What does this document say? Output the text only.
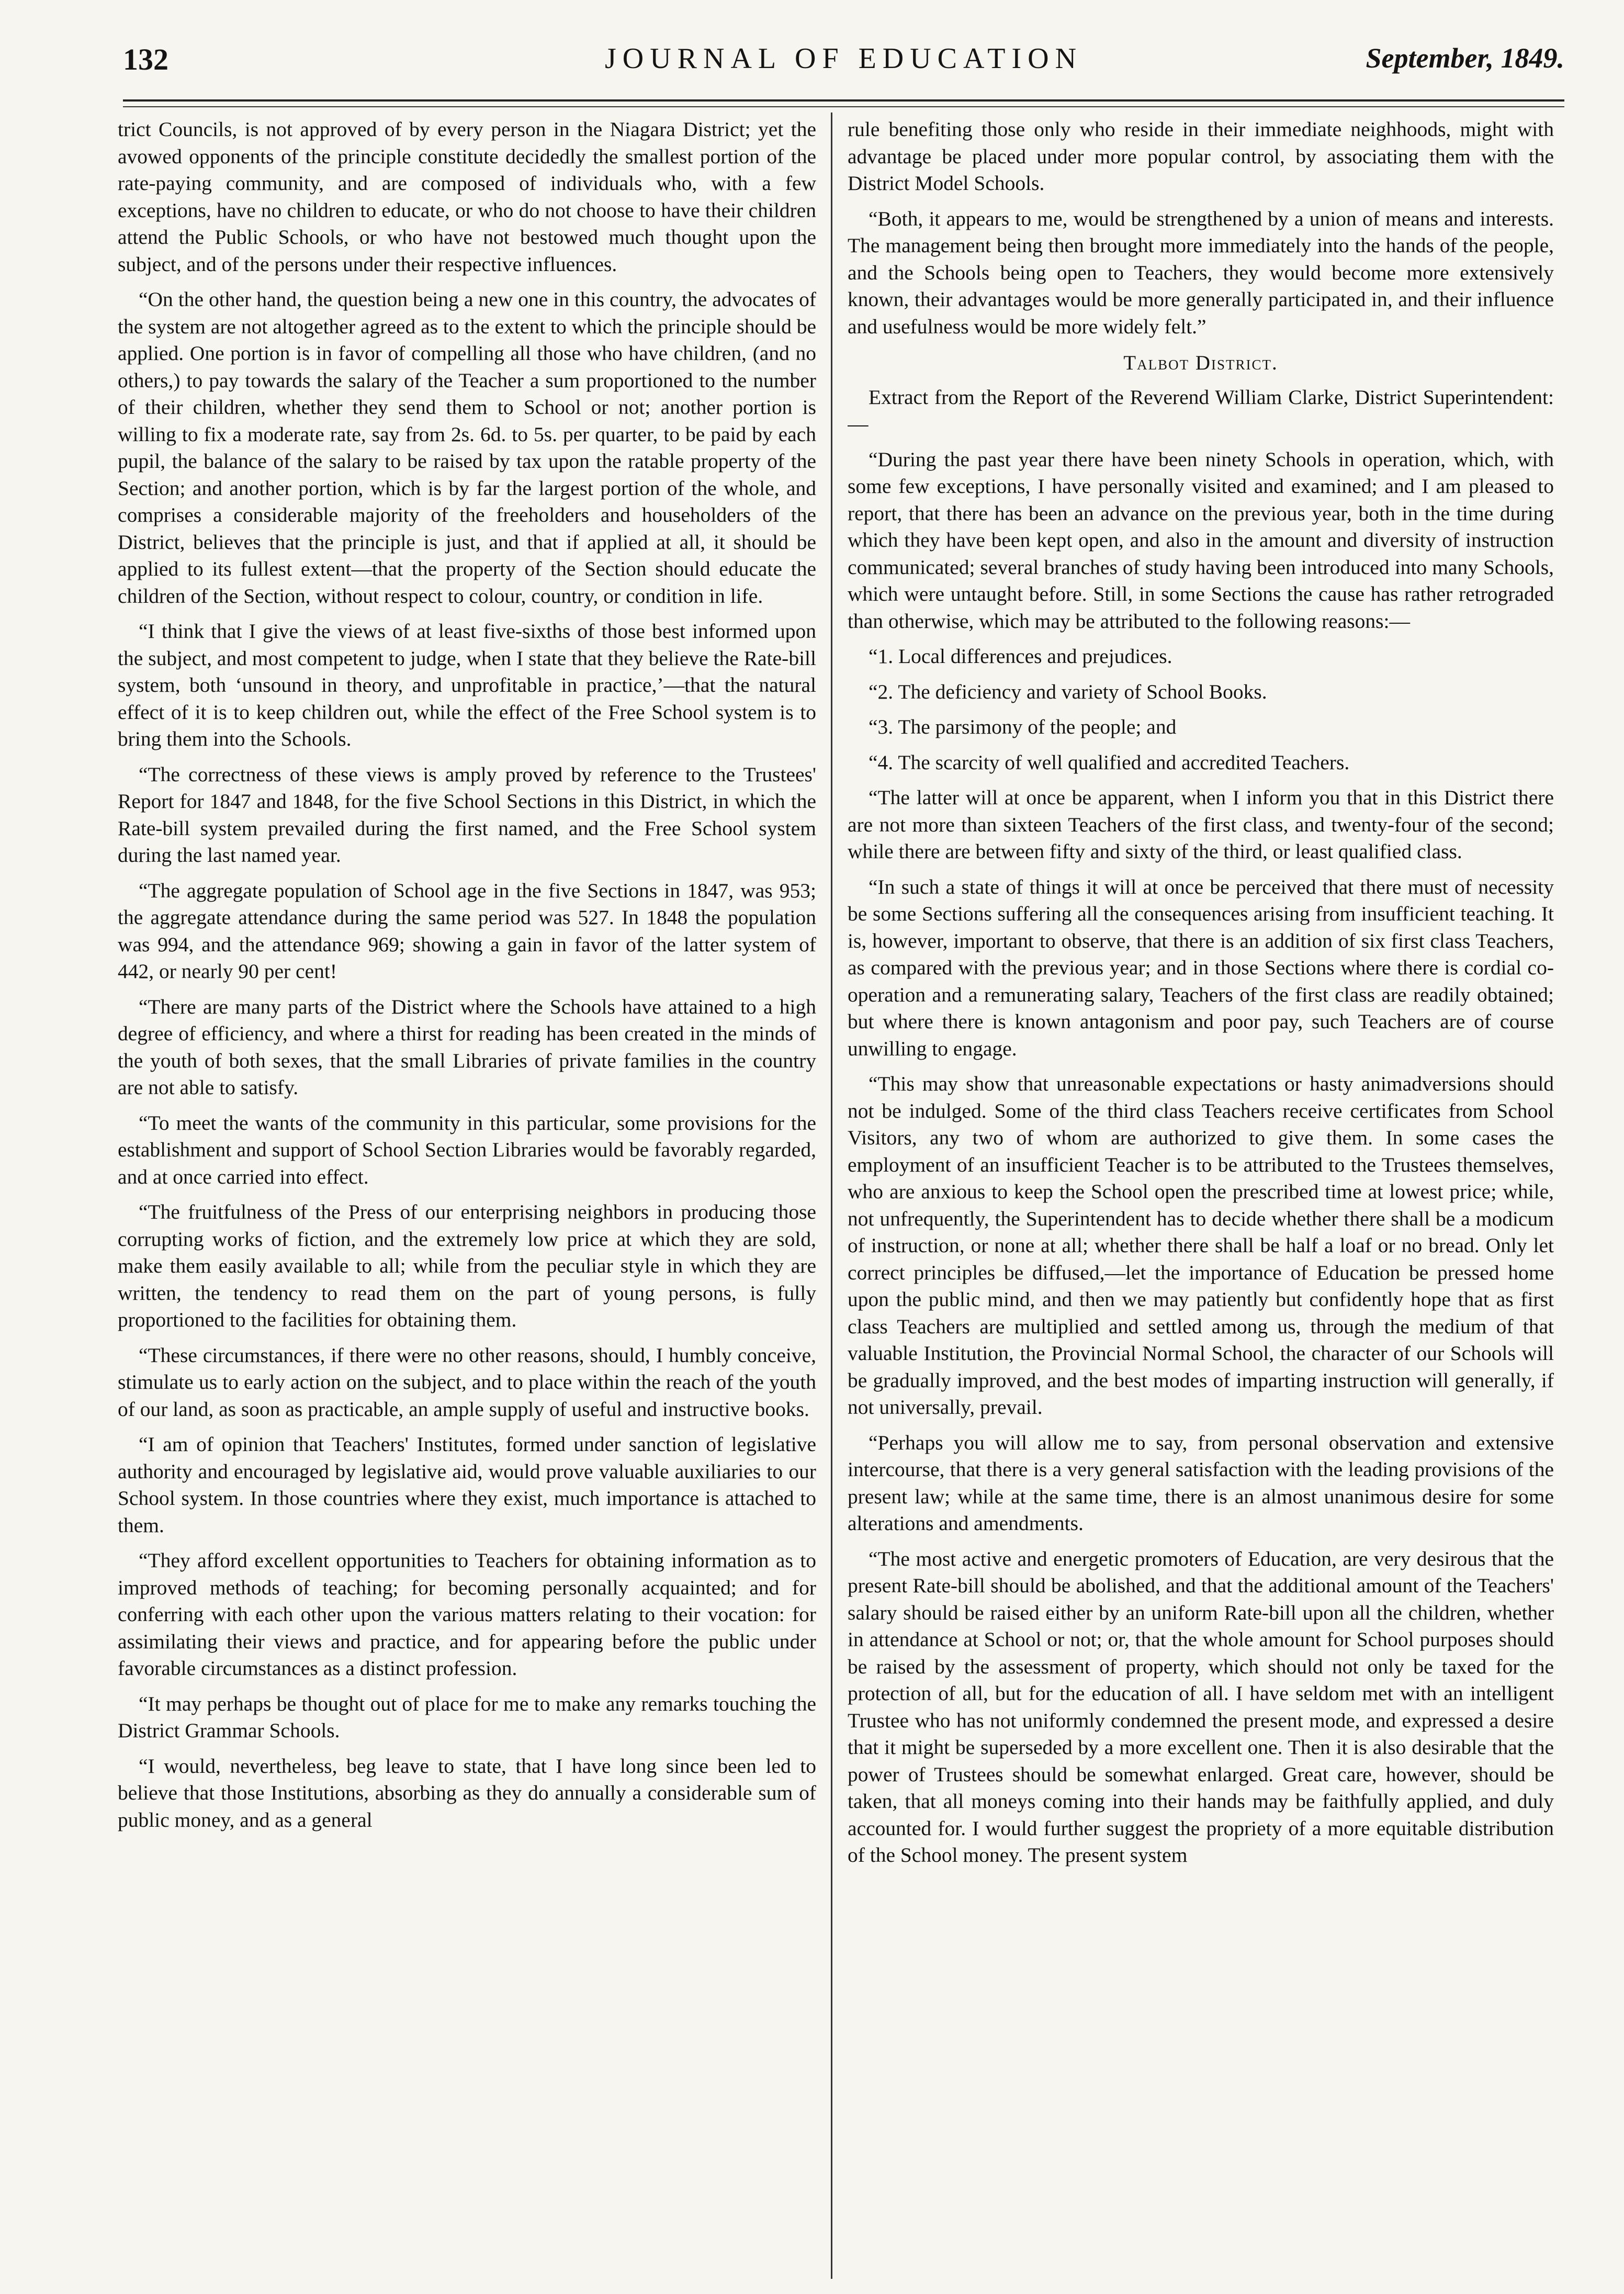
132	JOURNAL OF EDUCATION	September, 1849.

trict Councils, is not approved of by every person in the Niagara District; yet the avowed opponents of the principle constitute decidedly the smallest portion of the rate-paying community, and are composed of individuals who, with a few exceptions, have no children to educate, or who do not choose to have their children attend the Public Schools, or who have not bestowed much thought upon the subject, and of the persons under their respective influences.

“On the other hand, the question being a new one in this country, the advocates of the system are not altogether agreed as to the extent to which the principle should be applied. One portion is in favor of compelling all those who have children, (and no others,) to pay towards the salary of the Teacher a sum proportioned to the number of their children, whether they send them to School or not; another portion is willing to fix a moderate rate, say from 2s. 6d. to 5s. per quarter, to be paid by each pupil, the balance of the salary to be raised by tax upon the ratable property of the Section; and another portion, which is by far the largest portion of the whole, and comprises a considerable majority of the freeholders and householders of the District, believes that the principle is just, and that if applied at all, it should be applied to its fullest extent—that the property of the Section should educate the children of the Section, without respect to colour, country, or condition in life.

“I think that I give the views of at least five-sixths of those best informed upon the subject, and most competent to judge, when I state that they believe the Rate-bill system, both ‘unsound in theory, and unprofitable in practice,’—that the natural effect of it is to keep children out, while the effect of the Free School system is to bring them into the Schools.

“The correctness of these views is amply proved by reference to the Trustees' Report for 1847 and 1848, for the five School Sections in this District, in which the Rate-bill system prevailed during the first named, and the Free School system during the last named year.

“The aggregate population of School age in the five Sections in 1847, was 953; the aggregate attendance during the same period was 527. In 1848 the population was 994, and the attendance 969; showing a gain in favor of the latter system of 442, or nearly 90 per cent!

“There are many parts of the District where the Schools have attained to a high degree of efficiency, and where a thirst for reading has been created in the minds of the youth of both sexes, that the small Libraries of private families in the country are not able to satisfy.

“To meet the wants of the community in this particular, some provisions for the establishment and support of School Section Libraries would be favorably regarded, and at once carried into effect.

“The fruitfulness of the Press of our enterprising neighbors in producing those corrupting works of fiction, and the extremely low price at which they are sold, make them easily available to all; while from the peculiar style in which they are written, the tendency to read them on the part of young persons, is fully proportioned to the facilities for obtaining them.

“These circumstances, if there were no other reasons, should, I humbly conceive, stimulate us to early action on the subject, and to place within the reach of the youth of our land, as soon as practicable, an ample supply of useful and instructive books.

“I am of opinion that Teachers' Institutes, formed under sanction of legislative authority and encouraged by legislative aid, would prove valuable auxiliaries to our School system. In those countries where they exist, much importance is attached to them.

“They afford excellent opportunities to Teachers for obtaining information as to improved methods of teaching; for becoming personally acquainted; and for conferring with each other upon the various matters relating to their vocation: for assimilating their views and practice, and for appearing before the public under favorable circumstances as a distinct profession.

“It may perhaps be thought out of place for me to make any remarks touching the District Grammar Schools.

“I would, nevertheless, beg leave to state, that I have long since been led to believe that those Institutions, absorbing as they do annually a considerable sum of public money, and as a general

rule benefiting those only who reside in their immediate neighhoods, might with advantage be placed under more popular control, by associating them with the District Model Schools.

“Both, it appears to me, would be strengthened by a union of means and interests. The management being then brought more immediately into the hands of the people, and the Schools being open to Teachers, they would become more extensively known, their advantages would be more generally participated in, and their influence and usefulness would be more widely felt.”

Talbot District.

Extract from the Report of the Reverend William Clarke, District Superintendent:—

“During the past year there have been ninety Schools in operation, which, with some few exceptions, I have personally visited and examined; and I am pleased to report, that there has been an advance on the previous year, both in the time during which they have been kept open, and also in the amount and diversity of instruction communicated; several branches of study having been introduced into many Schools, which were untaught before. Still, in some Sections the cause has rather retrograded than otherwise, which may be attributed to the following reasons:—

“1. Local differences and prejudices.

“2. The deficiency and variety of School Books.

“3. The parsimony of the people; and

“4. The scarcity of well qualified and accredited Teachers.

“The latter will at once be apparent, when I inform you that in this District there are not more than sixteen Teachers of the first class, and twenty-four of the second; while there are between fifty and sixty of the third, or least qualified class.

“In such a state of things it will at once be perceived that there must of necessity be some Sections suffering all the consequences arising from insufficient teaching. It is, however, important to observe, that there is an addition of six first class Teachers, as compared with the previous year; and in those Sections where there is cordial co-operation and a remunerating salary, Teachers of the first class are readily obtained; but where there is known antagonism and poor pay, such Teachers are of course unwilling to engage.

“This may show that unreasonable expectations or hasty animadversions should not be indulged. Some of the third class Teachers receive certificates from School Visitors, any two of whom are authorized to give them. In some cases the employment of an insufficient Teacher is to be attributed to the Trustees themselves, who are anxious to keep the School open the prescribed time at lowest price; while, not unfrequently, the Superintendent has to decide whether there shall be a modicum of instruction, or none at all; whether there shall be half a loaf or no bread. Only let correct principles be diffused,—let the importance of Education be pressed home upon the public mind, and then we may patiently but confidently hope that as first class Teachers are multiplied and settled among us, through the medium of that valuable Institution, the Provincial Normal School, the character of our Schools will be gradually improved, and the best modes of imparting instruction will generally, if not universally, prevail.

“Perhaps you will allow me to say, from personal observation and extensive intercourse, that there is a very general satisfaction with the leading provisions of the present law; while at the same time, there is an almost unanimous desire for some alterations and amendments.

“The most active and energetic promoters of Education, are very desirous that the present Rate-bill should be abolished, and that the additional amount of the Teachers' salary should be raised either by an uniform Rate-bill upon all the children, whether in attendance at School or not; or, that the whole amount for School purposes should be raised by the assessment of property, which should not only be taxed for the protection of all, but for the education of all. I have seldom met with an intelligent Trustee who has not uniformly condemned the present mode, and expressed a desire that it might be superseded by a more excellent one. Then it is also desirable that the power of Trustees should be somewhat enlarged. Great care, however, should be taken, that all moneys coming into their hands may be faithfully applied, and duly accounted for. I would further suggest the propriety of a more equitable distribution of the School money. The present system
